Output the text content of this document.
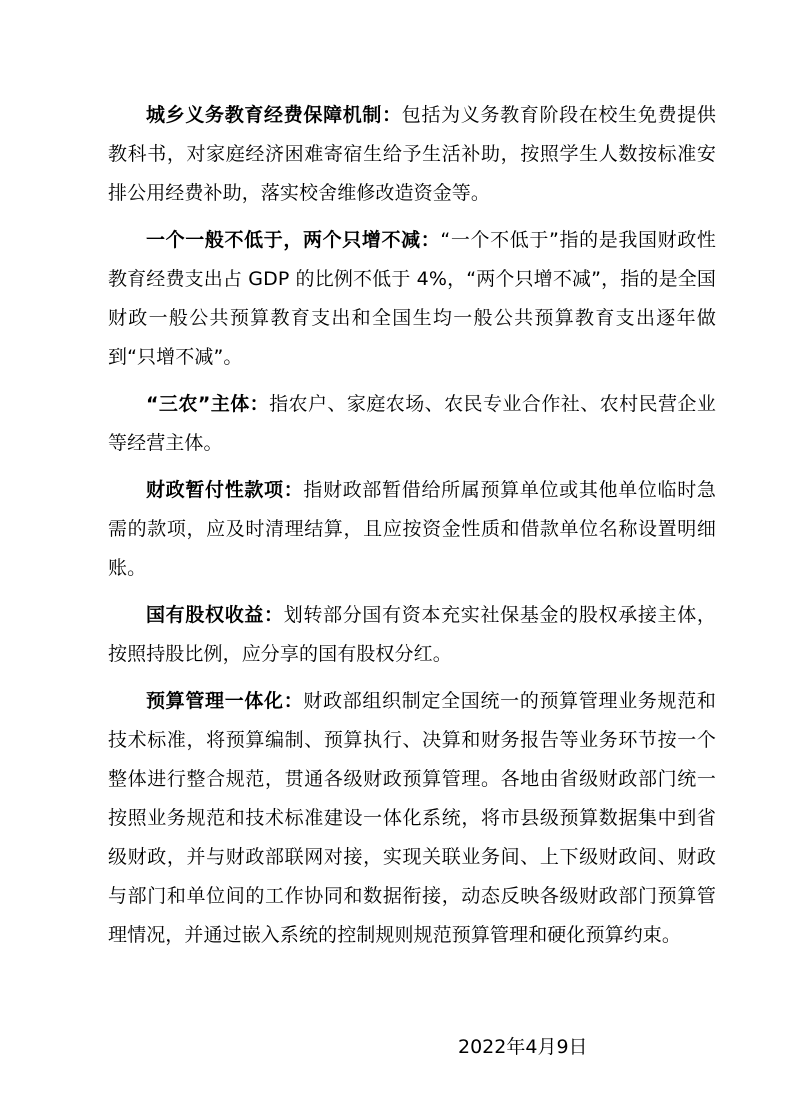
城乡义务教育经费保障机制：包括为义务教育阶段在校生免费提供教科书，对家庭经济困难寄宿生给予生活补助，按照学生人数按标准安排公用经费补助，落实校舍维修改造资金等。

一个一般不低于，两个只增不减：“一个不低于”指的是我国财政性教育经费支出占 GDP 的比例不低于 4%，“两个只增不减”，指的是全国财政一般公共预算教育支出和全国生均一般公共预算教育支出逐年做到“只增不减”。

“三农”主体：指农户、家庭农场、农民专业合作社、农村民营企业等经营主体。

财政暂付性款项：指财政部暂借给所属预算单位或其他单位临时急需的款项，应及时清理结算，且应按资金性质和借款单位名称设置明细账。

国有股权收益：划转部分国有资本充实社保基金的股权承接主体，按照持股比例，应分享的国有股权分红。

预算管理一体化：财政部组织制定全国统一的预算管理业务规范和技术标准，将预算编制、预算执行、决算和财务报告等业务环节按一个整体进行整合规范，贯通各级财政预算管理。各地由省级财政部门统一按照业务规范和技术标准建设一体化系统，将市县级预算数据集中到省级财政，并与财政部联网对接，实现关联业务间、上下级财政间、财政与部门和单位间的工作协同和数据衔接，动态反映各级财政部门预算管理情况，并通过嵌入系统的控制规则规范预算管理和硬化预算约束。

2022年4月9日
